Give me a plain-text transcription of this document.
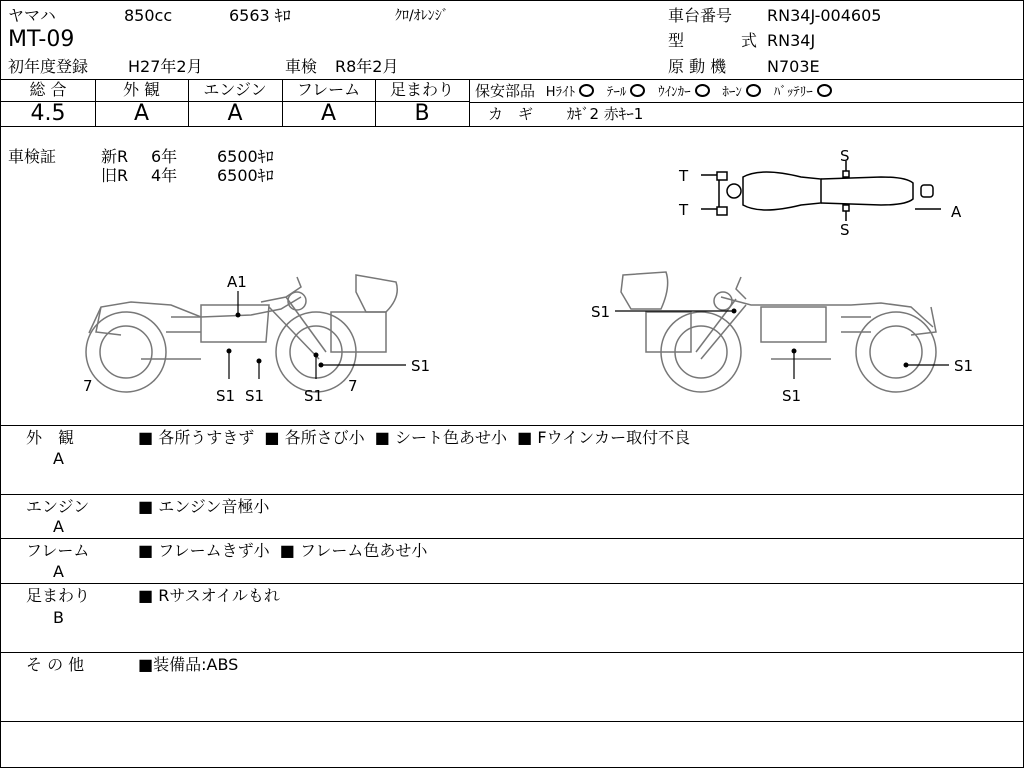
ヤマハ	850cc	6563 ｷﾛ	ｸﾛ/ｵﾚﾝｼﾞ
MT-09
初年度登録 H27年2月	車検 R8年2月
車台番号 RN34J-004605
型	式 RN34J
原 動 機	N703E
総 合	外 観	エンジン	フレーム	足まわり
4.5	A	A	A	B
保安部品 Hﾗｲﾄ ﾃｰﾙ ｳｲﾝｶｰ ﾎｰﾝ ﾊﾞｯﾃﾘｰ
カ　ギ ｶｷﾞ2 赤ｷｰ1
車検証	新R 6年 6500ｷﾛ
旧R 4年 6500ｷﾛ	T
T
S
S
A
A1
S1 S1	S1
S1
7	7
S1
S1
S1
外　観
A
■ 各所うすきず  ■ 各所さび小  ■ シート色あせ小  ■ Fウインカー取付不良
エンジン
A
■ エンジン音極小
フレーム
A
■ フレームきず小  ■ フレーム色あせ小
足まわり
B
■ Rサスオイルもれ
そ の 他	■装備品:ABS
